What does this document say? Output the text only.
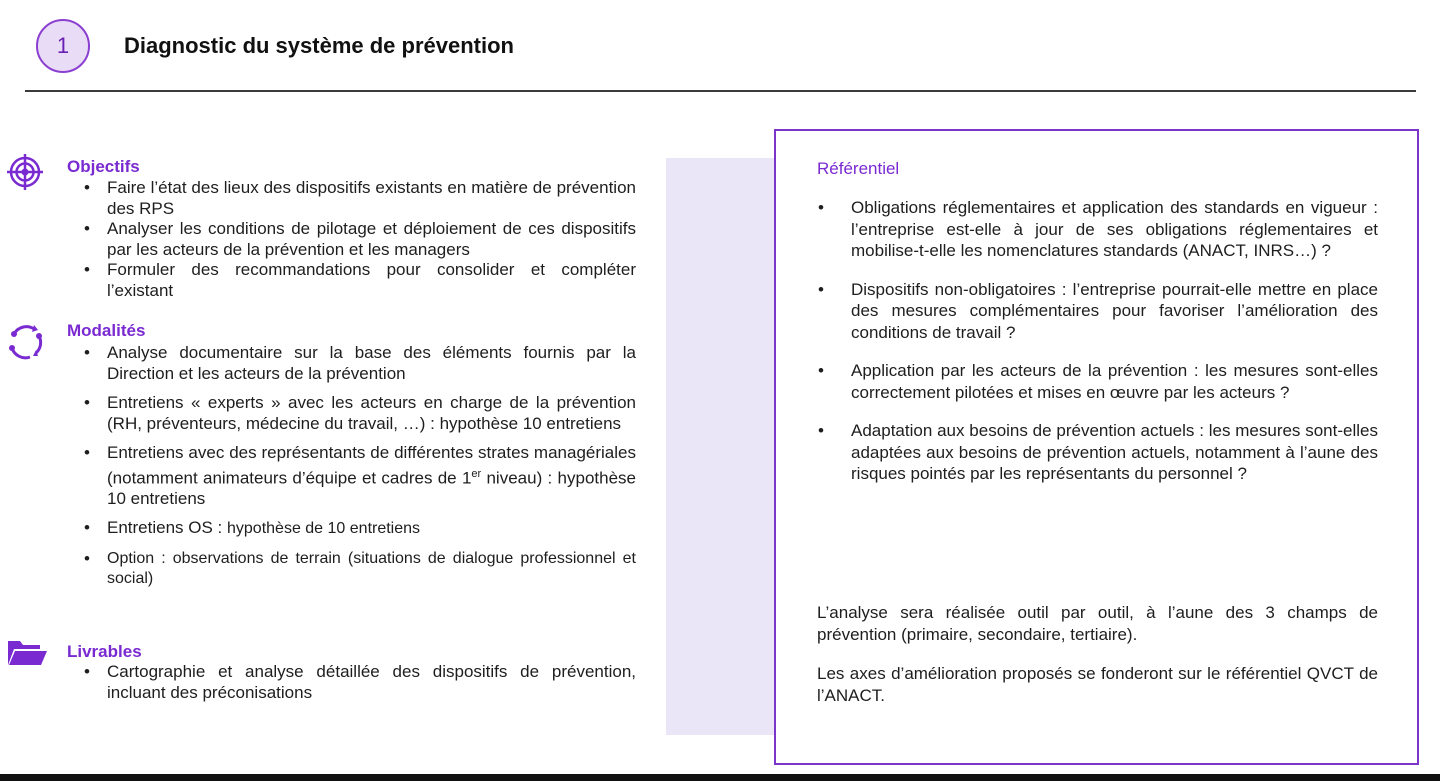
1 Diagnostic du système de prévention
Objectifs
• Faire l’état des lieux des dispositifs existants en matière de prévention des RPS
• Analyser les conditions de pilotage et déploiement de ces dispositifs par les acteurs de la prévention et les managers
• Formuler des recommandations pour consolider et compléter l’existant
Modalités
• Analyse documentaire sur la base des éléments fournis par la Direction et les acteurs de la prévention
• Entretiens « experts » avec les acteurs en charge de la prévention (RH, préventeurs, médecine du travail, …) : hypothèse 10 entretiens
• Entretiens avec des représentants de différentes strates managériales (notamment animateurs d’équipe et cadres de 1er niveau) : hypothèse 10 entretiens
• Entretiens OS : hypothèse de 10 entretiens
• Option : observations de terrain (situations de dialogue professionnel et social)
Livrables
• Cartographie et analyse détaillée des dispositifs de prévention, incluant des préconisations
Référentiel
• Obligations réglementaires et application des standards en vigueur : l’entreprise est-elle à jour de ses obligations réglementaires et mobilise-t-elle les nomenclatures standards (ANACT, INRS…) ?
• Dispositifs non-obligatoires : l’entreprise pourrait-elle mettre en place des mesures complémentaires pour favoriser l’amélioration des conditions de travail ?
• Application par les acteurs de la prévention : les mesures sont-elles correctement pilotées et mises en œuvre par les acteurs ?
• Adaptation aux besoins de prévention actuels : les mesures sont-elles adaptées aux besoins de prévention actuels, notamment à l’aune des risques pointés par les représentants du personnel ?

L’analyse sera réalisée outil par outil, à l’aune des 3 champs de prévention (primaire, secondaire, tertiaire).

Les axes d’amélioration proposés se fonderont sur le référentiel QVCT de l’ANACT.
